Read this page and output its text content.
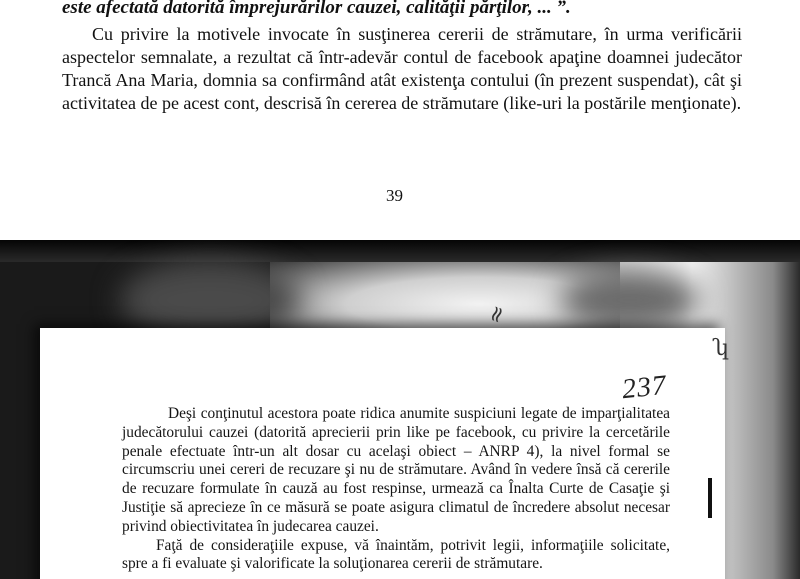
este afectată datorită împrejurărilor cauzei, calităţii părţilor, ... ”.
Cu privire la motivele invocate în susţinerea cererii de strămutare, în urma verificării aspectelor semnalate, a rezultat că într-adevăr contul de facebook apaţine doamnei judecător Trancă Ana Maria, domnia sa confirmând atât existenţa contului (în prezent suspendat), cât şi activitatea de pe acest cont, descrisă în cererea de strămutare (like-uri la postările menţionate).
39
≈
ʮ
237

Deşi conţinutul acestora poate ridica anumite suspiciuni legate de imparţialitatea judecătorului cauzei (datorită aprecierii prin like pe facebook, cu privire la cercetările penale efectuate într-un alt dosar cu acelaşi obiect – ANRP 4), la nivel formal se circumscriu unei cereri de recuzare şi nu de strămutare. Având în vedere însă că cererile de recuzare formulate în cauză au fost respinse, urmează ca Înalta Curte de Casaţie şi Justiţie să aprecieze în ce măsură se poate asigura climatul de încredere absolut necesar privind obiectivitatea în judecarea cauzei.

Faţă de consideraţiile expuse, vă înaintăm, potrivit legii, informaţiile solicitate, spre a fi evaluate şi valorificate la soluţionarea cererii de strămutare.
